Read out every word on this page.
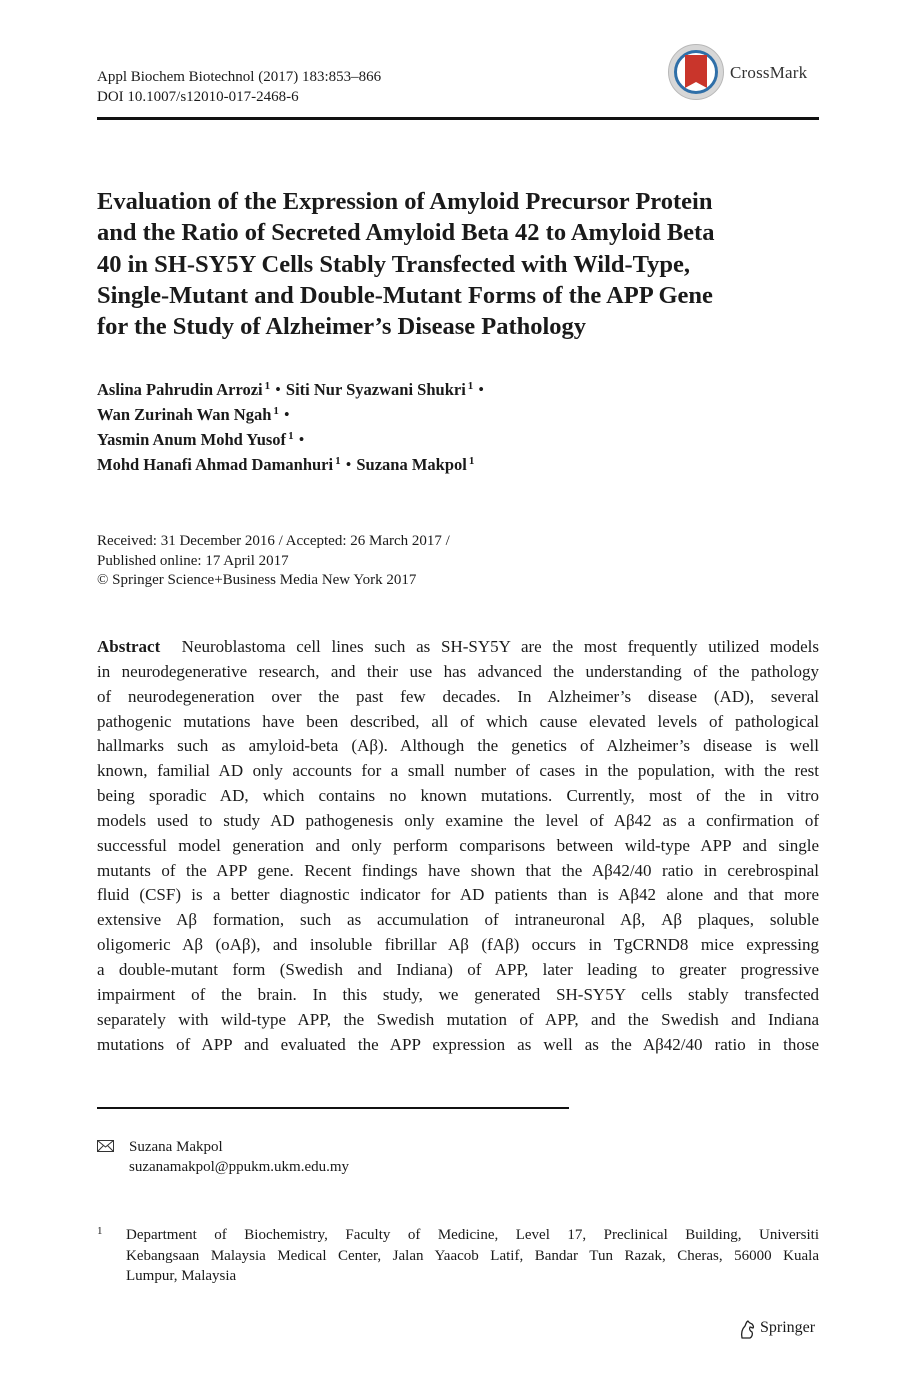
Appl Biochem Biotechnol (2017) 183:853–866
DOI 10.1007/s12010-017-2468-6
CrossMark
Evaluation of the Expression of Amyloid Precursor Protein
and the Ratio of Secreted Amyloid Beta 42 to Amyloid Beta
40 in SH-SY5Y Cells Stably Transfected with Wild-Type,
Single-Mutant and Double-Mutant Forms of the APP Gene
for the Study of Alzheimer’s Disease Pathology
Aslina Pahrudin Arrozi $^1$ • Siti Nur Syazwani Shukri $^1$ •
Wan Zurinah Wan Ngah $^1$ •
Yasmin Anum Mohd Yusof $^1$ •
Mohd Hanafi Ahmad Damanhuri $^1$ • Suzana Makpol $^1$
Received: 31 December 2016 / Accepted: 26 March 2017 /
Published online: 17 April 2017
© Springer Science+Business Media New York 2017
Abstract Neuroblastoma cell lines such as SH-SY5Y are the most frequently utilized models
in neurodegenerative research, and their use has advanced the understanding of the pathology
of neurodegeneration over the past few decades. In Alzheimer’s disease (AD), several
pathogenic mutations have been described, all of which cause elevated levels of pathological
hallmarks such as amyloid-beta (Aβ). Although the genetics of Alzheimer’s disease is well
known, familial AD only accounts for a small number of cases in the population, with the rest
being sporadic AD, which contains no known mutations. Currently, most of the in vitro
models used to study AD pathogenesis only examine the level of Aβ42 as a confirmation of
successful model generation and only perform comparisons between wild-type APP and single
mutants of the APP gene. Recent findings have shown that the Aβ42/40 ratio in cerebrospinal
fluid (CSF) is a better diagnostic indicator for AD patients than is Aβ42 alone and that more
extensive Aβ formation, such as accumulation of intraneuronal Aβ, Aβ plaques, soluble
oligomeric Aβ (oAβ), and insoluble fibrillar Aβ (fAβ) occurs in TgCRND8 mice expressing
a double-mutant form (Swedish and Indiana) of APP, later leading to greater progressive
impairment of the brain. In this study, we generated SH-SY5Y cells stably transfected
separately with wild-type APP, the Swedish mutation of APP, and the Swedish and Indiana
mutations of APP and evaluated the APP expression as well as the Aβ42/40 ratio in those
Suzana Makpol
suzanamakpol@ppukm.ukm.edu.my
1 Department of Biochemistry, Faculty of Medicine, Level 17, Preclinical Building, Universiti
Kebangsaan Malaysia Medical Center, Jalan Yaacob Latif, Bandar Tun Razak, Cheras, 56000 Kuala
Lumpur, Malaysia
Springer
